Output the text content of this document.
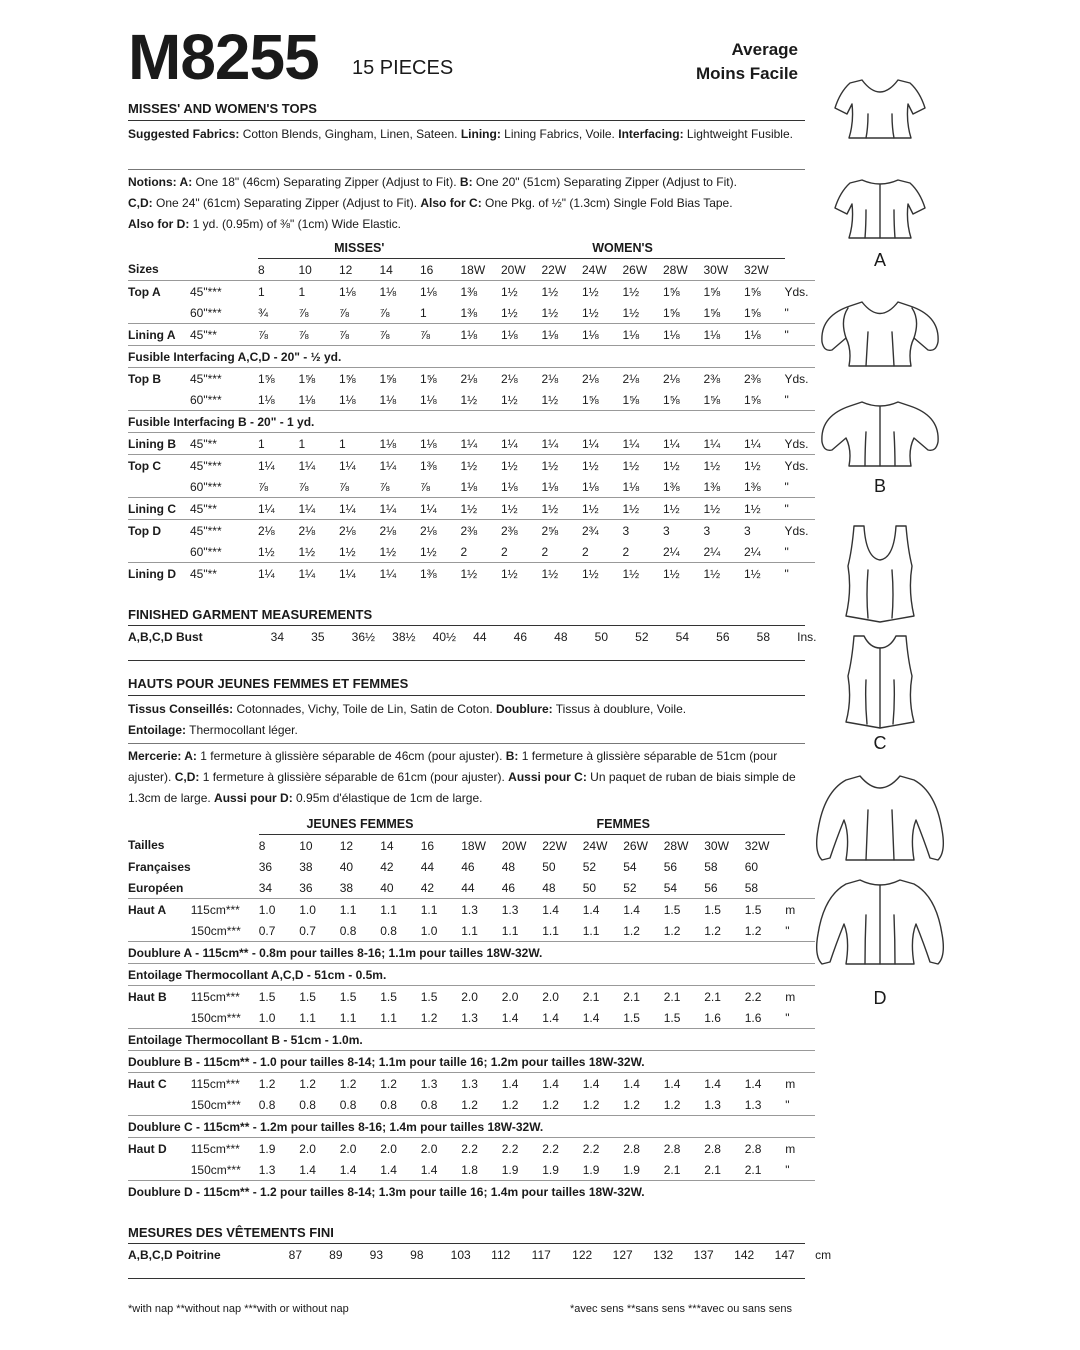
M8255 15 PIECES
Average
Moins Facile
MISSES' AND WOMEN'S TOPS
Suggested Fabrics: Cotton Blends, Gingham, Linen, Sateen. Lining: Lining Fabrics, Voile. Interfacing: Lightweight Fusible.
Notions: A: One 18" (46cm) Separating Zipper (Adjust to Fit). B: One 20" (51cm) Separating Zipper (Adjust to Fit).
C,D: One 24" (61cm) Separating Zipper (Adjust to Fit). Also for C: One Pkg. of ½" (1.3cm) Single Fold Bias Tape.
Also for D: 1 yd. (0.95m) of ⅜" (1cm) Wide Elastic.
		MISSES'					WOMEN'S								
Sizes		8	10	12	14	16	18W	20W	22W	24W	26W	28W	30W	32W	
Top A	45"***	1	1	1⅛	1⅛	1⅛	1⅜	1½	1½	1½	1½	1⅝	1⅝	1⅝	Yds.
	60"***	¾	⅞	⅞	⅞	1	1⅜	1½	1½	1½	1½	1⅝	1⅝	1⅝	"
Lining A	45"**	⅞	⅞	⅞	⅞	⅞	1⅛	1⅛	1⅛	1⅛	1⅛	1⅛	1⅛	1⅛	"
Fusible Interfacing A,C,D - 20" - ½ yd.															
Top B	45"***	1⅝	1⅝	1⅝	1⅝	1⅝	2⅛	2⅛	2⅛	2⅛	2⅛	2⅛	2⅜	2⅜	Yds.
	60"***	1⅛	1⅛	1⅛	1⅛	1⅛	1½	1½	1½	1⅝	1⅝	1⅝	1⅝	1⅝	"
Fusible Interfacing B - 20" - 1 yd.															
Lining B	45"**	1	1	1	1⅛	1⅛	1¼	1¼	1¼	1¼	1¼	1¼	1¼	1¼	Yds.
Top C	45"***	1¼	1¼	1¼	1¼	1⅜	1½	1½	1½	1½	1½	1½	1½	1½	Yds.
	60"***	⅞	⅞	⅞	⅞	⅞	1⅛	1⅛	1⅛	1⅛	1⅛	1⅜	1⅜	1⅜	"
Lining C	45"**	1¼	1¼	1¼	1¼	1¼	1½	1½	1½	1½	1½	1½	1½	1½	"
Top D	45"***	2⅛	2⅛	2⅛	2⅛	2⅛	2⅜	2⅜	2⅝	2¾	3	3	3	3	Yds.
	60"***	1½	1½	1½	1½	1½	2	2	2	2	2	2¼	2¼	2¼	"
Lining D	45"**	1¼	1¼	1¼	1¼	1⅜	1½	1½	1½	1½	1½	1½	1½	1½	"
FINISHED GARMENT MEASUREMENTS
A,B,C,D Bust		34	35	36½	38½	40½	44	46	48	50	52	54	56	58	Ins.
HAUTS POUR JEUNES FEMMES ET FEMMES
Tissus Conseillés: Cotonnades, Vichy, Toile de Lin, Satin de Coton. Doublure: Tissus à doublure, Voile.
Entoilage: Thermocollant léger.
Mercerie: A: 1 fermeture à glissière séparable de 46cm (pour ajuster). B: 1 fermeture à glissière séparable de 51cm (pour ajuster). C,D: 1 fermeture à glissière séparable de 61cm (pour ajuster). Aussi pour C: Un paquet de ruban de biais simple de 1.3cm de large. Aussi pour D: 0.95m d'élastique de 1cm de large.
		JEUNES FEMMES					FEMMES								
Tailles		8	10	12	14	16	18W	20W	22W	24W	26W	28W	30W	32W	
Françaises		36	38	40	42	44	46	48	50	52	54	56	58	60	
Européen		34	36	38	40	42	44	46	48	50	52	54	56	58	
Haut A	115cm***	1.0	1.0	1.1	1.1	1.1	1.3	1.3	1.4	1.4	1.4	1.5	1.5	1.5	m
	150cm***	0.7	0.7	0.8	0.8	1.0	1.1	1.1	1.1	1.1	1.2	1.2	1.2	1.2	"
Doublure A - 115cm** - 0.8m pour tailles 8-16; 1.1m pour tailles 18W-32W.															
Entoilage Thermocollant A,C,D - 51cm - 0.5m.															
Haut B	115cm***	1.5	1.5	1.5	1.5	1.5	2.0	2.0	2.0	2.1	2.1	2.1	2.1	2.2	m
	150cm***	1.0	1.1	1.1	1.1	1.2	1.3	1.4	1.4	1.4	1.5	1.5	1.6	1.6	"
Entoilage Thermocollant B - 51cm - 1.0m.															
Doublure B - 115cm** - 1.0 pour tailles 8-14; 1.1m pour taille 16; 1.2m pour tailles 18W-32W.															
Haut C	115cm***	1.2	1.2	1.2	1.2	1.3	1.3	1.4	1.4	1.4	1.4	1.4	1.4	1.4	m
	150cm***	0.8	0.8	0.8	0.8	0.8	1.2	1.2	1.2	1.2	1.2	1.2	1.3	1.3	"
Doublure C - 115cm** - 1.2m pour tailles 8-16; 1.4m pour tailles 18W-32W.															
Haut D	115cm***	1.9	2.0	2.0	2.0	2.0	2.2	2.2	2.2	2.2	2.8	2.8	2.8	2.8	m
	150cm***	1.3	1.4	1.4	1.4	1.4	1.8	1.9	1.9	1.9	1.9	2.1	2.1	2.1	"
Doublure D - 115cm** - 1.2 pour tailles 8-14; 1.3m pour taille 16; 1.4m pour tailles 18W-32W.															
MESURES DES VÊTEMENTS FINI
A,B,C,D Poitrine		87	89	93	98	103	112	117	122	127	132	137	142	147	cm
*with nap **without nap ***with or without nap	*avec sens **sans sens ***avec ou sans sens
A
B
C
D
